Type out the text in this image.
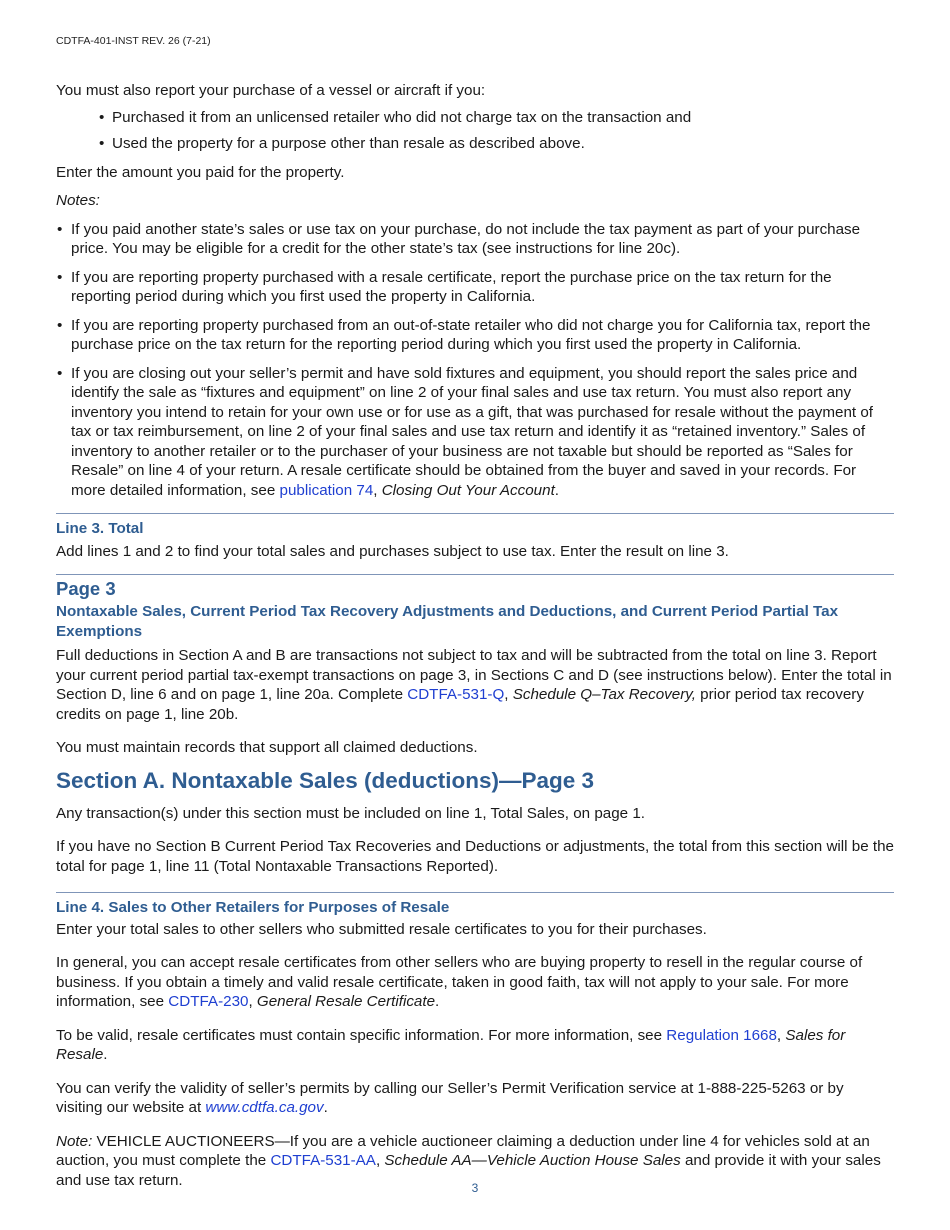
CDTFA-401-INST REV. 26 (7-21)

You must also report your purchase of a vessel or aircraft if you:

• Purchased it from an unlicensed retailer who did not charge tax on the transaction and
• Used the property for a purpose other than resale as described above.

Enter the amount you paid for the property.

Notes:

• If you paid another state’s sales or use tax on your purchase, do not include the tax payment as part of your purchase price. You may be eligible for a credit for the other state’s tax (see instructions for line 20c).
• If you are reporting property purchased with a resale certificate, report the purchase price on the tax return for the reporting period during which you first used the property in California.
• If you are reporting property purchased from an out-of-state retailer who did not charge you for California tax, report the purchase price on the tax return for the reporting period during which you first used the property in California.
• If you are closing out your seller’s permit and have sold fixtures and equipment, you should report the sales price and identify the sale as “fixtures and equipment” on line 2 of your final sales and use tax return. You must also report any inventory you intend to retain for your own use or for use as a gift, that was purchased for resale without the payment of tax or tax reimbursement, on line 2 of your final sales and use tax return and identify it as “retained inventory.” Sales of inventory to another retailer or to the purchaser of your business are not taxable but should be reported as “Sales for Resale” on line 4 of your return. A resale certificate should be obtained from the buyer and saved in your records. For more detailed information, see publication 74, Closing Out Your Account.

Line 3. Total

Add lines 1 and 2 to find your total sales and purchases subject to use tax. Enter the result on line 3.

Page 3

Nontaxable Sales, Current Period Tax Recovery Adjustments and Deductions, and Current Period Partial Tax Exemptions

Full deductions in Section A and B are transactions not subject to tax and will be subtracted from the total on line 3. Report your current period partial tax-exempt transactions on page 3, in Sections C and D (see instructions below). Enter the total in Section D, line 6 and on page 1, line 20a. Complete CDTFA-531-Q, Schedule Q–Tax Recovery, prior period tax recovery credits on page 1, line 20b.

You must maintain records that support all claimed deductions.

Section A. Nontaxable Sales (deductions)—Page 3

Any transaction(s) under this section must be included on line 1, Total Sales, on page 1.

If you have no Section B Current Period Tax Recoveries and Deductions or adjustments, the total from this section will be the total for page 1, line 11 (Total Nontaxable Transactions Reported).

Line 4. Sales to Other Retailers for Purposes of Resale

Enter your total sales to other sellers who submitted resale certificates to you for their purchases.

In general, you can accept resale certificates from other sellers who are buying property to resell in the regular course of business. If you obtain a timely and valid resale certificate, taken in good faith, tax will not apply to your sale. For more information, see CDTFA-230, General Resale Certificate.

To be valid, resale certificates must contain specific information. For more information, see Regulation 1668, Sales for Resale.

You can verify the validity of seller’s permits by calling our Seller’s Permit Verification service at 1-888-225-5263 or by visiting our website at www.cdtfa.ca.gov.

Note: VEHICLE AUCTIONEERS—If you are a vehicle auctioneer claiming a deduction under line 4 for vehicles sold at an auction, you must complete the CDTFA-531-AA, Schedule AA—Vehicle Auction House Sales and provide it with your sales and use tax return.	3
